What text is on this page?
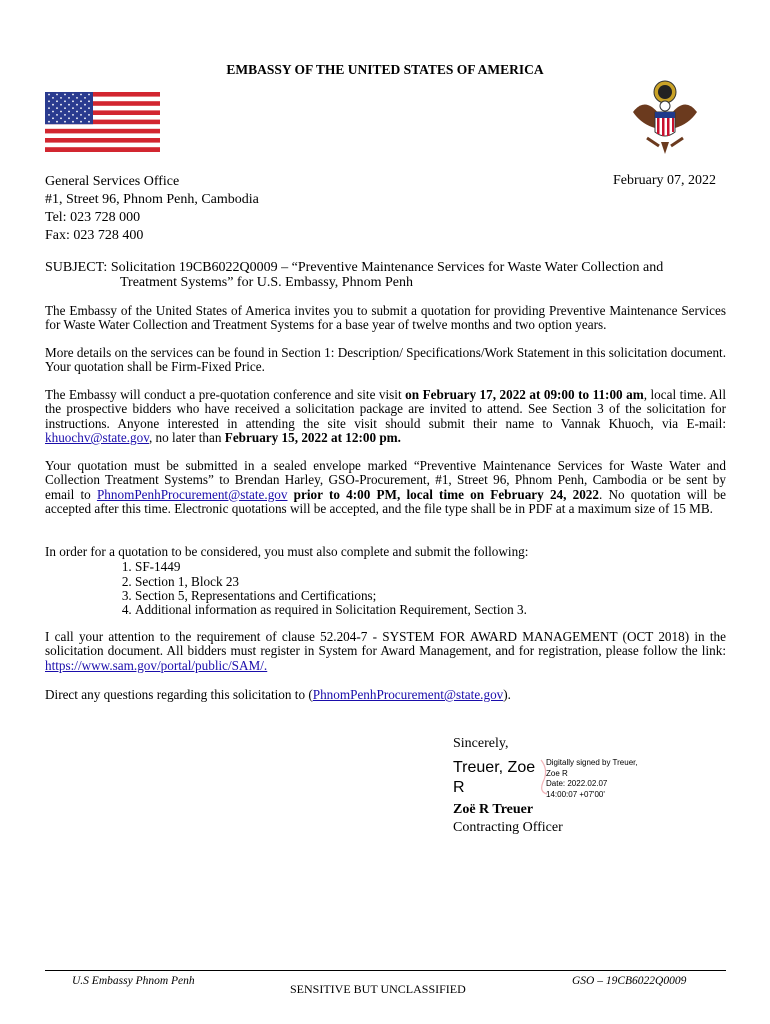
EMBASSY OF THE UNITED STATES OF AMERICA
General Services Office
#1, Street 96, Phnom Penh, Cambodia
Tel: 023 728 000
Fax: 023 728 400
February 07, 2022
SUBJECT: Solicitation 19CB6022Q0009 – “Preventive Maintenance Services for Waste Water Collection and
Treatment Systems” for U.S. Embassy, Phnom Penh
The Embassy of the United States of America invites you to submit a quotation for providing Preventive Maintenance Services for Waste Water Collection and Treatment Systems for a base year of twelve months and two option years.
More details on the services can be found in Section 1: Description/ Specifications/Work Statement in this solicitation document. Your quotation shall be Firm-Fixed Price.
The Embassy will conduct a pre-quotation conference and site visit on February 17, 2022 at 09:00 to 11:00 am, local time. All the prospective bidders who have received a solicitation package are invited to attend. See Section 3 of the solicitation for instructions. Anyone interested in attending the site visit should submit their name to Vannak Khuoch, via E-mail: khuochv@state.gov, no later than February 15, 2022 at 12:00 pm.
Your quotation must be submitted in a sealed envelope marked “Preventive Maintenance Services for Waste Water and Collection Treatment Systems” to Brendan Harley, GSO-Procurement, #1, Street 96, Phnom Penh, Cambodia or be sent by email to PhnomPenhProcurement@state.gov prior to 4:00 PM, local time on February 24, 2022. No quotation will be accepted after this time. Electronic quotations will be accepted, and the file type shall be in PDF at a maximum size of 15 MB.
In order for a quotation to be considered, you must also complete and submit the following:
1. SF-1449
2. Section 1, Block 23
3. Section 5, Representations and Certifications;
4. Additional information as required in Solicitation Requirement, Section 3.
I call your attention to the requirement of clause 52.204-7 - SYSTEM FOR AWARD MANAGEMENT (OCT 2018) in the solicitation document. All bidders must register in System for Award Management, and for registration, please follow the link: https://www.sam.gov/portal/public/SAM/.
Direct any questions regarding this solicitation to (PhnomPenhProcurement@state.gov).
Sincerely,
Treuer, Zoe R
Digitally signed by Treuer,
Zoe R
Date: 2022.02.07
14:00:07 +07'00'
Zoë R Treuer
Contracting Officer
U.S Embassy Phnom Penh
SENSITIVE BUT UNCLASSIFIED
GSO – 19CB6022Q0009
